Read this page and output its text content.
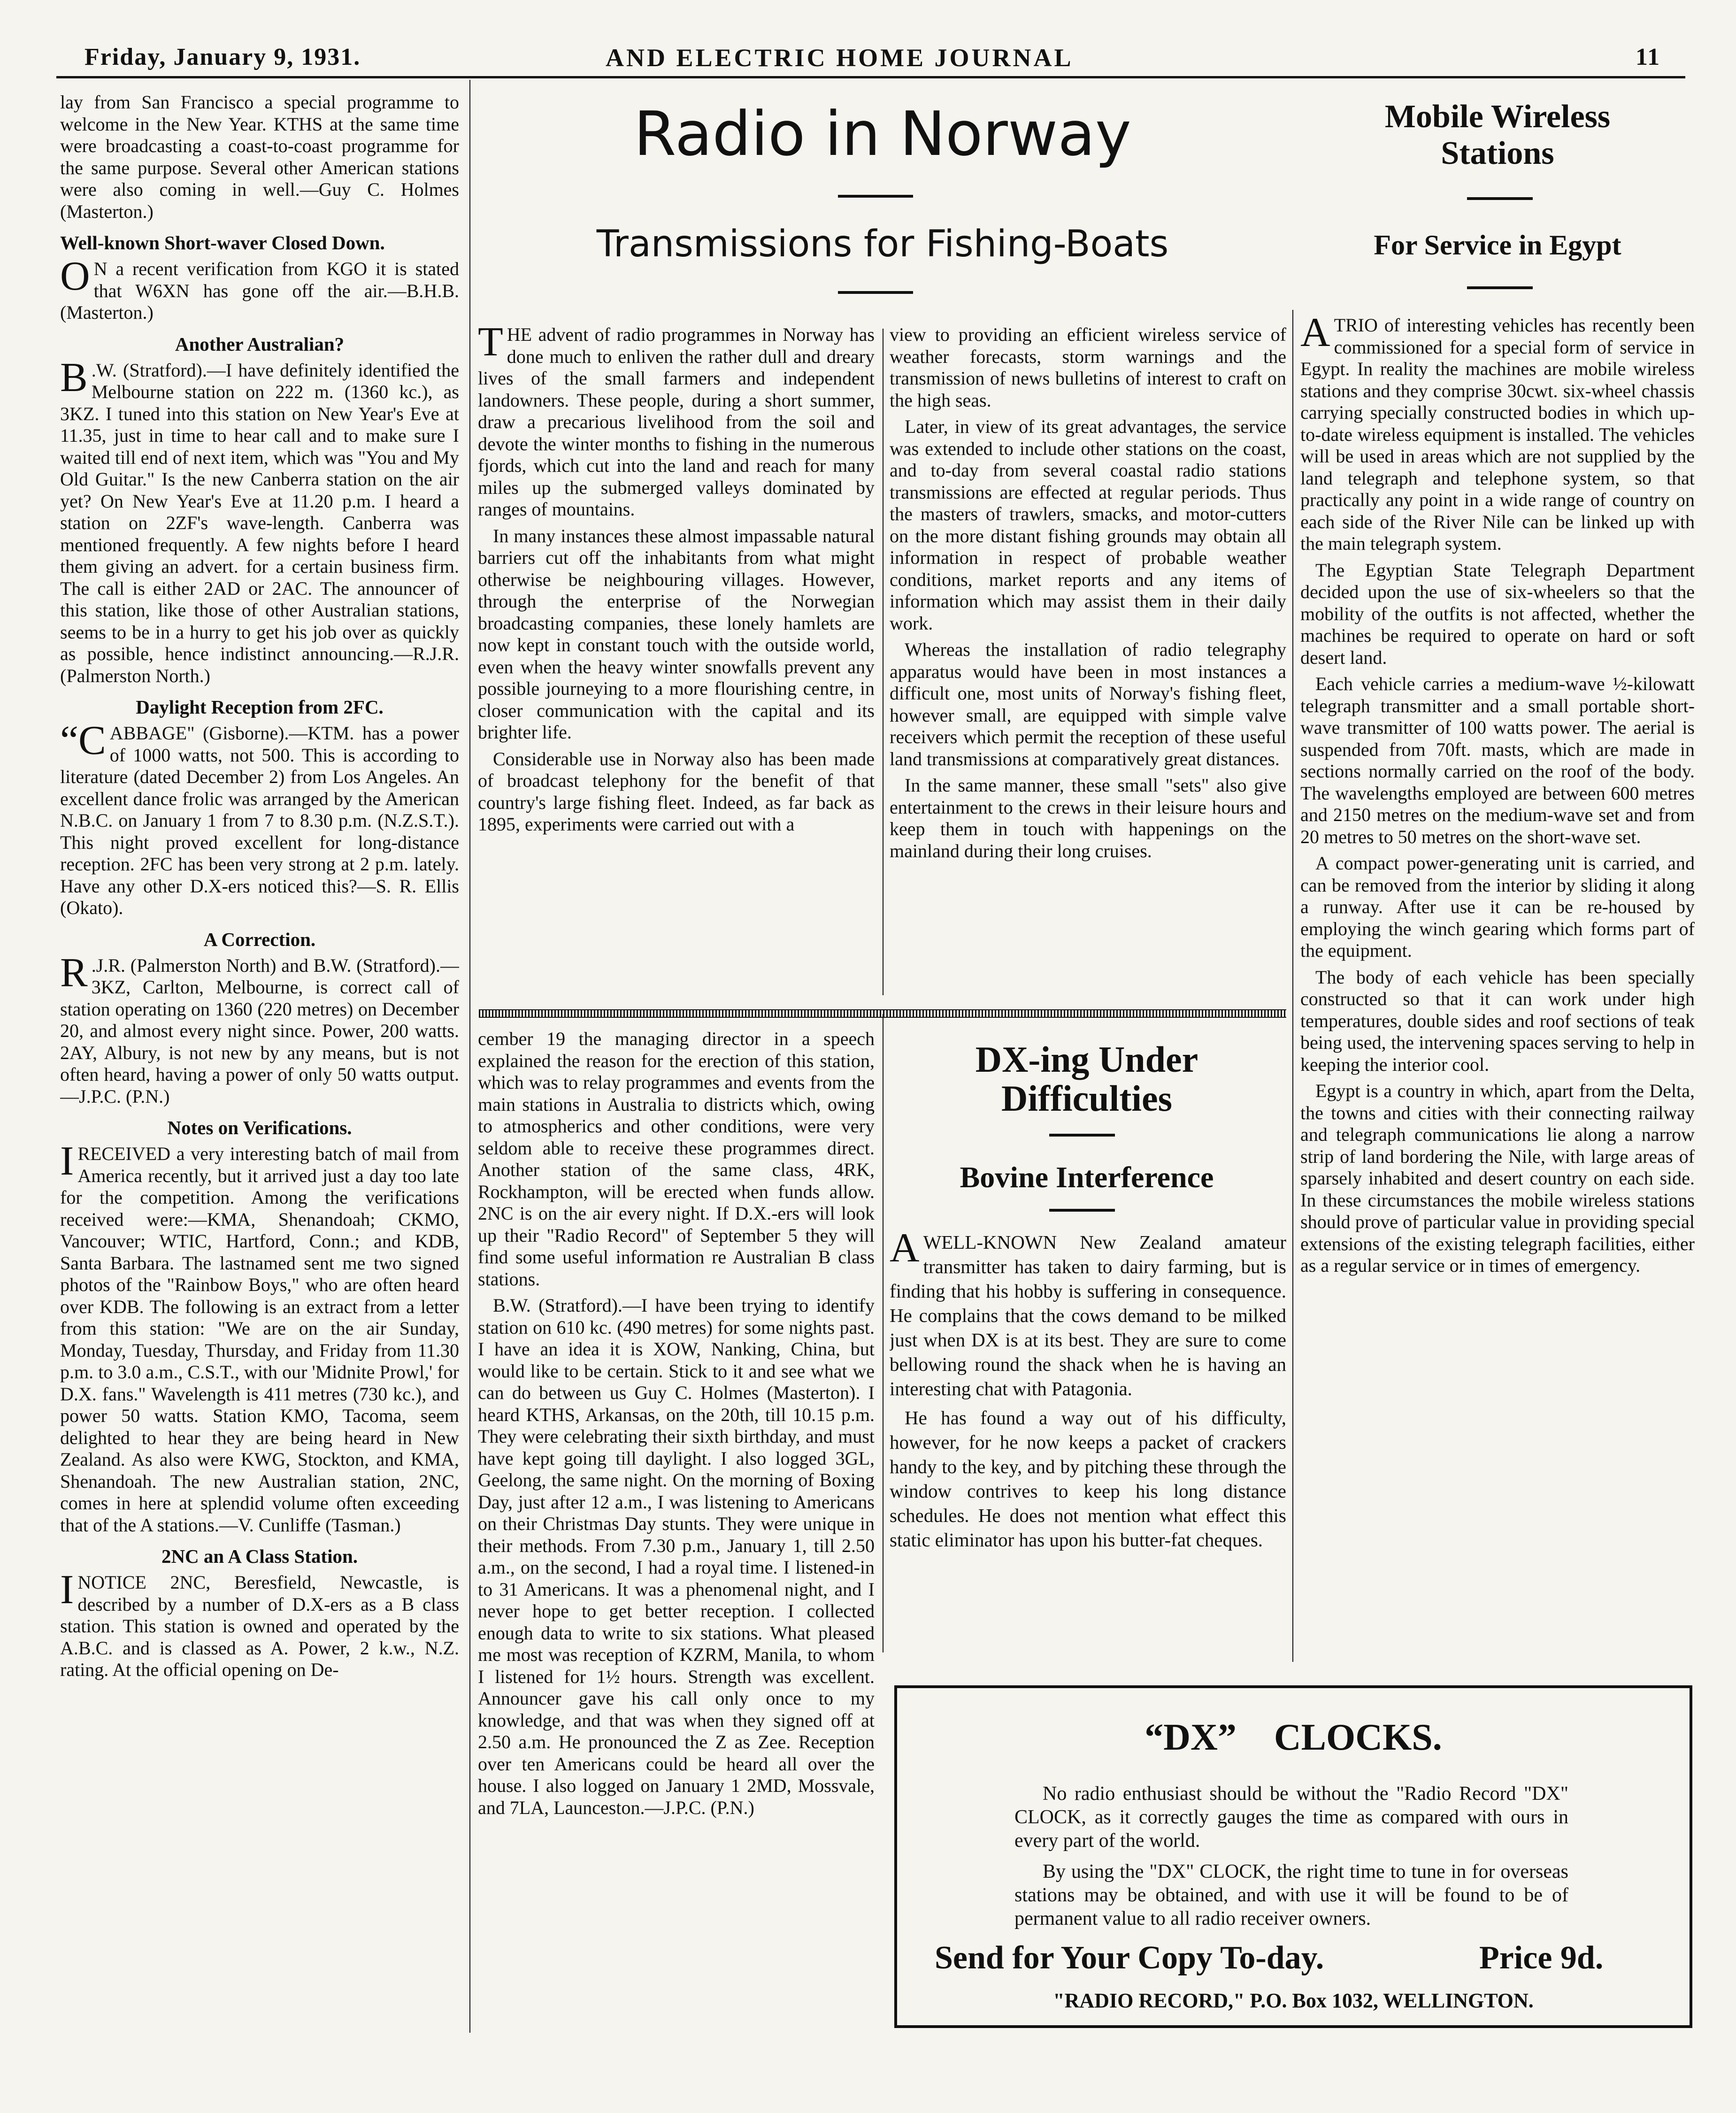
Friday, January 9, 1931.	AND ELECTRIC HOME JOURNAL	11

lay from San Francisco a special programme to welcome in the New Year. KTHS at the same time were broadcasting a coast-to-coast programme for the same purpose. Several other American stations were also coming in well.—Guy C. Holmes (Masterton.)

Well-known Short-waver Closed Down.

O N a recent verification from KGO it is stated that W6XN has gone off the air.—B.H.B. (Masterton.)

Another Australian?

B .W. (Stratford).—I have definitely identified the Melbourne station on 222 m. (1360 kc.), as 3KZ. I tuned into this station on New Year's Eve at 11.35, just in time to hear call and to make sure I waited till end of next item, which was "You and My Old Guitar." Is the new Canberra station on the air yet? On New Year's Eve at 11.20 p.m. I heard a station on 2ZF's wave-length. Canberra was mentioned frequently. A few nights before I heard them giving an advert. for a certain business firm. The call is either 2AD or 2AC. The announcer of this station, like those of other Australian stations, seems to be in a hurry to get his job over as quickly as possible, hence indistinct announcing.—R.J.R. (Palmerston North.)

Daylight Reception from 2FC.

“CABBAGE" (Gisborne).—KTM. has a power of 1000 watts, not 500. This is according to literature (dated December 2) from Los Angeles. An excellent dance frolic was arranged by the American N.B.C. on January 1 from 7 to 8.30 p.m. (N.Z.S.T.). This night proved excellent for long-distance reception. 2FC has been very strong at 2 p.m. lately. Have any other D.X-ers noticed this?—S. R. Ellis (Okato).

A Correction.

R .J.R. (Palmerston North) and B.W. (Stratford).—3KZ, Carlton, Melbourne, is correct call of station operating on 1360 (220 metres) on December 20, and almost every night since. Power, 200 watts. 2AY, Albury, is not new by any means, but is not often heard, having a power of only 50 watts output.—J.P.C. (P.N.)

Notes on Verifications.

IRECEIVED a very interesting batch of mail from America recently, but it arrived just a day too late for the competition. Among the verifications received were:—KMA, Shenandoah; CKMO, Vancouver; WTIC, Hartford, Conn.; and KDB, Santa Barbara. The lastnamed sent me two signed photos of the "Rainbow Boys," who are often heard over KDB. The following is an extract from a letter from this station: "We are on the air Sunday, Monday, Tuesday, Thursday, and Friday from 11.30 p.m. to 3.0 a.m., C.S.T., with our 'Midnite Prowl,' for D.X. fans." Wavelength is 411 metres (730 kc.), and power 50 watts. Station KMO, Tacoma, seem delighted to hear they are being heard in New Zealand. As also were KWG, Stockton, and KMA, Shenandoah. The new Australian station, 2NC, comes in here at splendid volume often exceeding that of the A stations.—V. Cunliffe (Tasman.)

2NC an A Class Station.

INOTICE 2NC, Beresfield, Newcastle, is described by a number of D.X-ers as a B class station. This station is owned and operated by the A.B.C. and is classed as A. Power, 2 k.w., N.Z. rating. At the official opening on De-

Radio in Norway
Transmissions for Fishing-Boats

THE advent of radio programmes in Norway has done much to enliven the rather dull and dreary lives of the small farmers and independent landowners. These people, during a short summer, draw a precarious livelihood from the soil and devote the winter months to fishing in the numerous fjords, which cut into the land and reach for many miles up the submerged valleys dominated by ranges of mountains.

In many instances these almost impassable natural barriers cut off the inhabitants from what might otherwise be neighbouring villages. However, through the enterprise of the Norwegian broadcasting companies, these lonely hamlets are now kept in constant touch with the outside world, even when the heavy winter snowfalls prevent any possible journeying to a more flourishing centre, in closer communication with the capital and its brighter life.

Considerable use in Norway also has been made of broadcast telephony for the benefit of that country's large fishing fleet. Indeed, as far back as 1895, experiments were carried out with a

view to providing an efficient wireless service of weather forecasts, storm warnings and the transmission of news bulletins of interest to craft on the high seas.

Later, in view of its great advantages, the service was extended to include other stations on the coast, and to-day from several coastal radio stations transmissions are effected at regular periods. Thus the masters of trawlers, smacks, and motor-cutters on the more distant fishing grounds may obtain all information in respect of probable weather conditions, market reports and any items of information which may assist them in their daily work.

Whereas the installation of radio telegraphy apparatus would have been in most instances a difficult one, most units of Norway's fishing fleet, however small, are equipped with simple valve receivers which permit the reception of these useful land transmissions at comparatively great distances.

In the same manner, these small "sets" also give entertainment to the crews in their leisure hours and keep them in touch with happenings on the mainland during their long cruises.

cember 19 the managing director in a speech explained the reason for the erection of this station, which was to relay programmes and events from the main stations in Australia to districts which, owing to atmospherics and other conditions, were very seldom able to receive these programmes direct. Another station of the same class, 4RK, Rockhampton, will be erected when funds allow. 2NC is on the air every night. If D.X.-ers will look up their "Radio Record" of September 5 they will find some useful information re Australian B class stations.

B.W. (Stratford).—I have been trying to identify station on 610 kc. (490 metres) for some nights past. I have an idea it is XOW, Nanking, China, but would like to be certain. Stick to it and see what we can do between us Guy C. Holmes (Masterton). I heard KTHS, Arkansas, on the 20th, till 10.15 p.m. They were celebrating their sixth birthday, and must have kept going till daylight. I also logged 3GL, Geelong, the same night. On the morning of Boxing Day, just after 12 a.m., I was listening to Americans on their Christmas Day stunts. They were unique in their methods. From 7.30 p.m., January 1, till 2.50 a.m., on the second, I had a royal time. I listened-in to 31 Americans. It was a phenomenal night, and I never hope to get better reception. I collected enough data to write to six stations. What pleased me most was reception of KZRM, Manila, to whom I listened for 1½ hours. Strength was excellent. Announcer gave his call only once to my knowledge, and that was when they signed off at 2.50 a.m. He pronounced the Z as Zee. Reception over ten Americans could be heard all over the house. I also logged on January 1 2MD, Mossvale, and 7LA, Launceston.—J.P.C. (P.N.)

DX-ing Under
Difficulties
Bovine Interference

AWELL-KNOWN New Zealand amateur transmitter has taken to dairy farming, but is finding that his hobby is suffering in consequence. He complains that the cows demand to be milked just when DX is at its best. They are sure to come bellowing round the shack when he is having an interesting chat with Patagonia.

He has found a way out of his difficulty, however, for he now keeps a packet of crackers handy to the key, and by pitching these through the window contrives to keep his long distance schedules. He does not mention what effect this static eliminator has upon his butter-fat cheques.

Mobile Wireless
Stations
For Service in Egypt

ATRIO of interesting vehicles has recently been commissioned for a special form of service in Egypt. In reality the machines are mobile wireless stations and they comprise 30cwt. six-wheel chassis carrying specially constructed bodies in which up-to-date wireless equipment is installed. The vehicles will be used in areas which are not supplied by the land telegraph and telephone system, so that practically any point in a wide range of country on each side of the River Nile can be linked up with the main telegraph system.

The Egyptian State Telegraph Department decided upon the use of six-wheelers so that the mobility of the outfits is not affected, whether the machines be required to operate on hard or soft desert land.

Each vehicle carries a medium-wave ½-kilowatt telegraph transmitter and a small portable short-wave transmitter of 100 watts power. The aerial is suspended from 70ft. masts, which are made in sections normally carried on the roof of the body. The wavelengths employed are between 600 metres and 2150 metres on the medium-wave set and from 20 metres to 50 metres on the short-wave set.

A compact power-generating unit is carried, and can be removed from the interior by sliding it along a runway. After use it can be re-housed by employing the winch gearing which forms part of the equipment.

The body of each vehicle has been specially constructed so that it can work under high temperatures, double sides and roof sections of teak being used, the intervening spaces serving to help in keeping the interior cool.

Egypt is a country in which, apart from the Delta, the towns and cities with their connecting railway and telegraph communications lie along a narrow strip of land bordering the Nile, with large areas of sparsely inhabited and desert country on each side. In these circumstances the mobile wireless stations should prove of particular value in providing special extensions of the existing telegraph facilities, either as a regular service or in times of emergency.

“DX”    CLOCKS.

No radio enthusiast should be without the "Radio Record "DX" CLOCK, as it correctly gauges the time as compared with ours in every part of the world.

By using the "DX" CLOCK, the right time to tune in for overseas stations may be obtained, and with use it will be found to be of permanent value to all radio receiver owners.

Send for Your Copy To-day.	Price 9d.
"RADIO RECORD," P.O. Box 1032, WELLINGTON.
